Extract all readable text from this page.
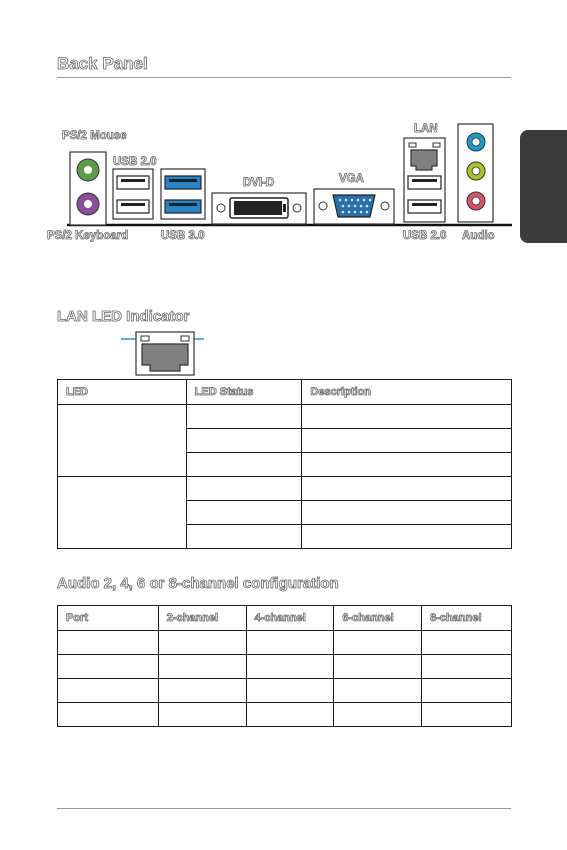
Back Panel
PS/2 Mouse
USB 2.0
DVI-D	VGA
LAN
PS/2 Keyboard	USB 3.0	USB 2.0 Audio
LAN LED Indicator
LED	LED Status	Description

Audio 2, 4, 6 or 8-channel configuration
Port	2-channel	4-channel	6-channel	8-channel
